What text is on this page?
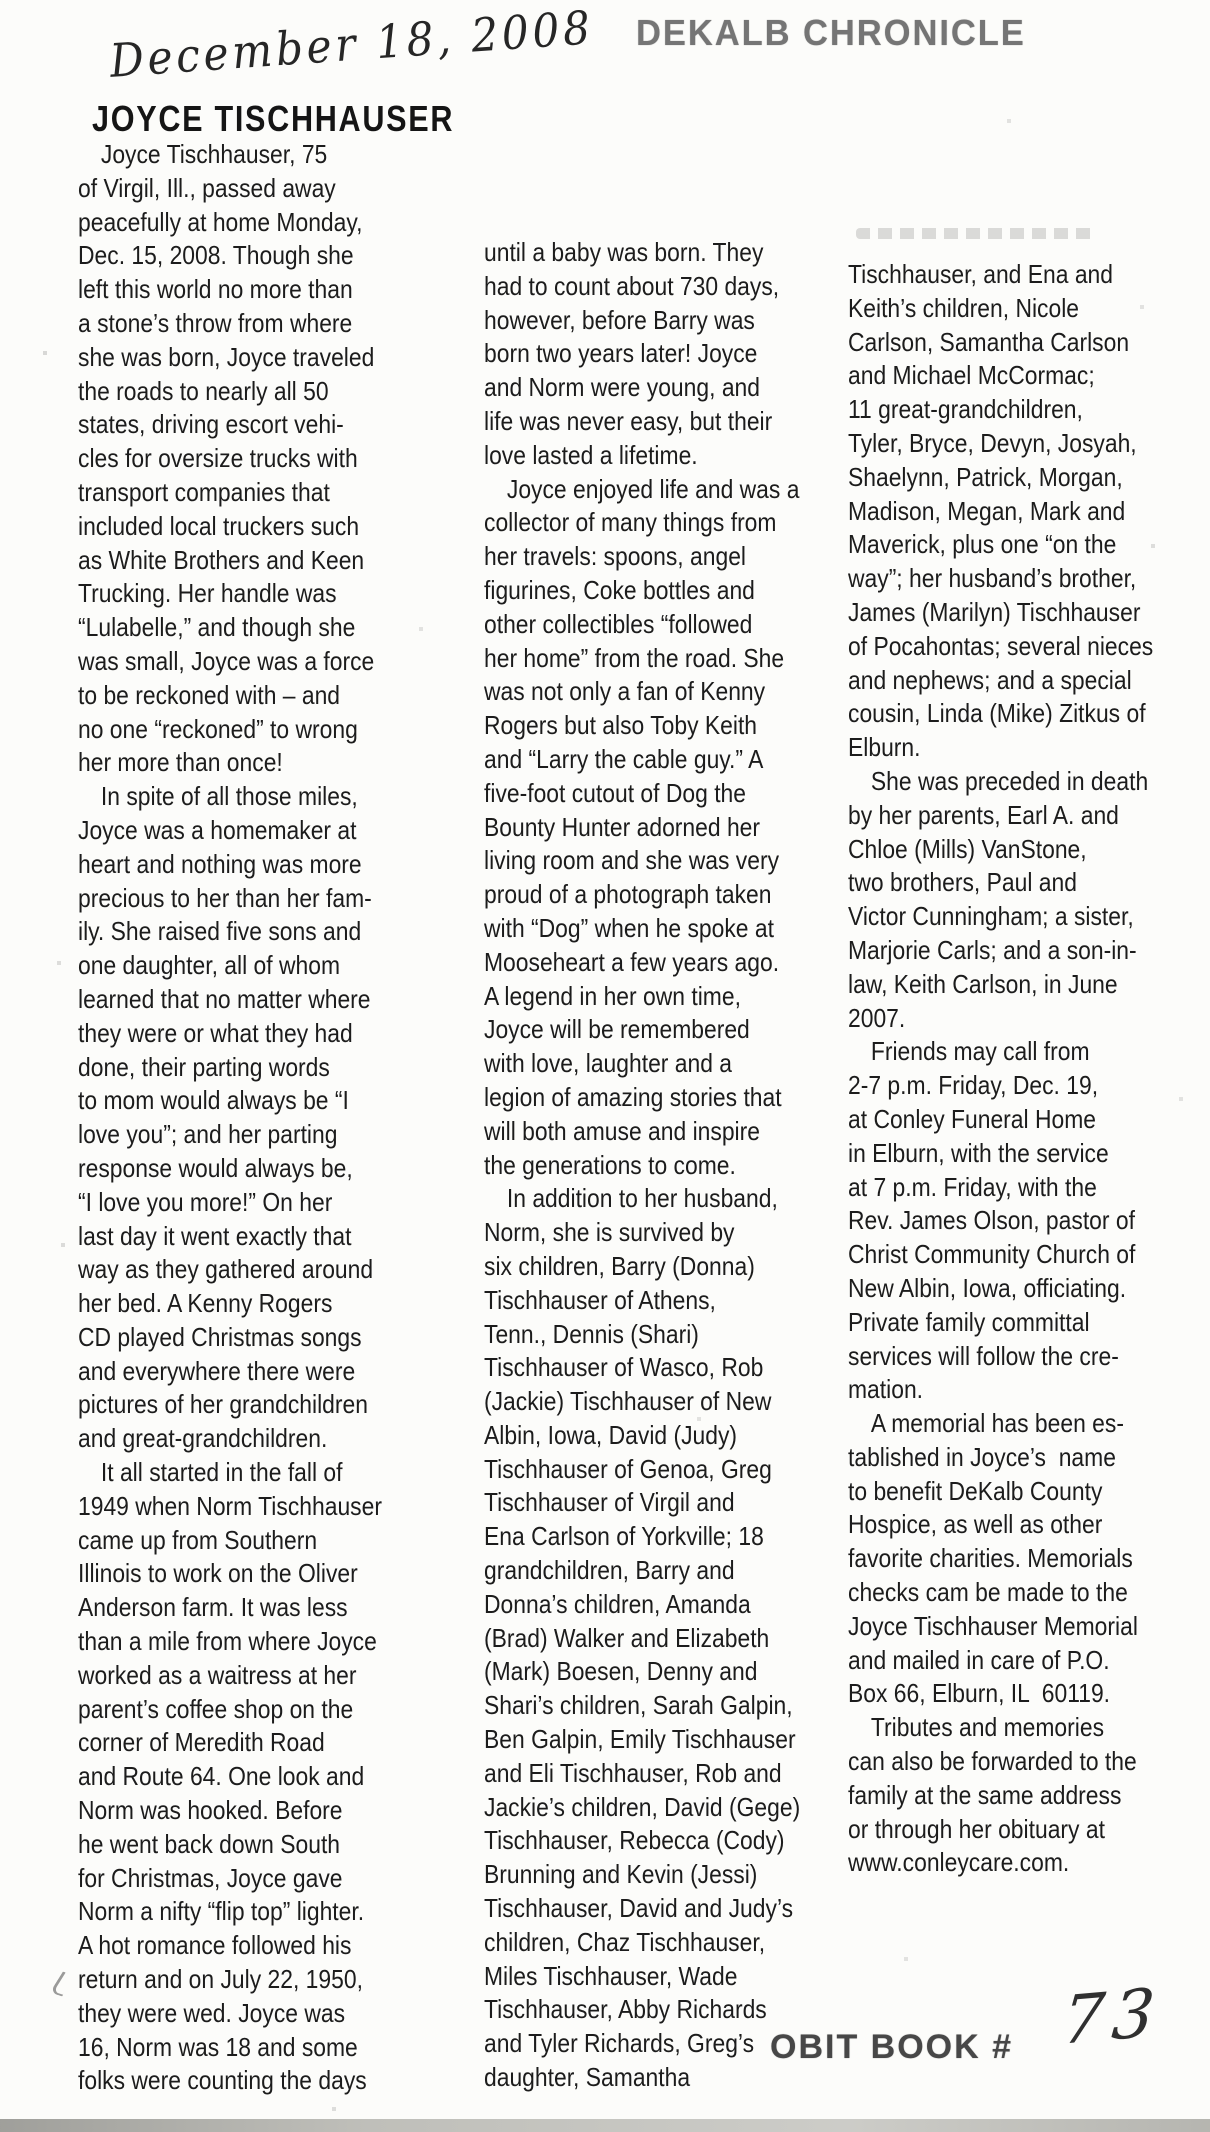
DEKALB CHRONICLE
December 18, 2008
JOYCE TISCHHAUSER
Joyce Tischhauser, 75
of Virgil, Ill., passed away
peacefully at home Monday,
Dec. 15, 2008. Though she
left this world no more than
a stone’s throw from where
she was born, Joyce traveled
the roads to nearly all 50
states, driving escort vehi-
cles for oversize trucks with
transport companies that
included local truckers such
as White Brothers and Keen
Trucking. Her handle was
“Lulabelle,” and though she
was small, Joyce was a force
to be reckoned with – and
no one “reckoned” to wrong
her more than once!
In spite of all those miles,
Joyce was a homemaker at
heart and nothing was more
precious to her than her fam-
ily. She raised five sons and
one daughter, all of whom
learned that no matter where
they were or what they had
done, their parting words
to mom would always be “I
love you”; and her parting
response would always be,
“I love you more!” On her
last day it went exactly that
way as they gathered around
her bed. A Kenny Rogers
CD played Christmas songs
and everywhere there were
pictures of her grandchildren
and great-grandchildren.
It all started in the fall of
1949 when Norm Tischhauser
came up from Southern
Illinois to work on the Oliver
Anderson farm. It was less
than a mile from where Joyce
worked as a waitress at her
parent’s coffee shop on the
corner of Meredith Road
and Route 64. One look and
Norm was hooked. Before
he went back down South
for Christmas, Joyce gave
Norm a nifty “flip top” lighter.
A hot romance followed his
return and on July 22, 1950,
they were wed. Joyce was
16, Norm was 18 and some
folks were counting the days
until a baby was born. They
had to count about 730 days,
however, before Barry was
born two years later! Joyce
and Norm were young, and
life was never easy, but their
love lasted a lifetime.
Joyce enjoyed life and was a
collector of many things from
her travels: spoons, angel
figurines, Coke bottles and
other collectibles “followed
her home” from the road. She
was not only a fan of Kenny
Rogers but also Toby Keith
and “Larry the cable guy.” A
five-foot cutout of Dog the
Bounty Hunter adorned her
living room and she was very
proud of a photograph taken
with “Dog” when he spoke at
Mooseheart a few years ago.
A legend in her own time,
Joyce will be remembered
with love, laughter and a
legion of amazing stories that
will both amuse and inspire
the generations to come.
In addition to her husband,
Norm, she is survived by
six children, Barry (Donna)
Tischhauser of Athens,
Tenn., Dennis (Shari)
Tischhauser of Wasco, Rob
(Jackie) Tischhauser of New
Albin, Iowa, David (Judy)
Tischhauser of Genoa, Greg
Tischhauser of Virgil and
Ena Carlson of Yorkville; 18
grandchildren, Barry and
Donna’s children, Amanda
(Brad) Walker and Elizabeth
(Mark) Boesen, Denny and
Shari’s children, Sarah Galpin,
Ben Galpin, Emily Tischhauser
and Eli Tischhauser, Rob and
Jackie’s children, David (Gege)
Tischhauser, Rebecca (Cody)
Brunning and Kevin (Jessi)
Tischhauser, David and Judy’s
children, Chaz Tischhauser,
Miles Tischhauser, Wade
Tischhauser, Abby Richards
and Tyler Richards, Greg’s
daughter, Samantha
Tischhauser, and Ena and
Keith’s children, Nicole
Carlson, Samantha Carlson
and Michael McCormac;
11 great-grandchildren,
Tyler, Bryce, Devyn, Josyah,
Shaelynn, Patrick, Morgan,
Madison, Megan, Mark and
Maverick, plus one “on the
way”; her husband’s brother,
James (Marilyn) Tischhauser
of Pocahontas; several nieces
and nephews; and a special
cousin, Linda (Mike) Zitkus of
Elburn.
She was preceded in death
by her parents, Earl A. and
Chloe (Mills) VanStone,
two brothers, Paul and
Victor Cunningham; a sister,
Marjorie Carls; and a son-in-
law, Keith Carlson, in June
2007.
Friends may call from
2-7 p.m. Friday, Dec. 19,
at Conley Funeral Home
in Elburn, with the service
at 7 p.m. Friday, with the
Rev. James Olson, pastor of
Christ Community Church of
New Albin, Iowa, officiating.
Private family committal
services will follow the cre-
mation.
A memorial has been es-
tablished in Joyce’s  name
to benefit DeKalb County
Hospice, as well as other
favorite charities. Memorials
checks cam be made to the
Joyce Tischhauser Memorial
and mailed in care of P.O.
Box 66, Elburn, IL  60119.
Tributes and memories
can also be forwarded to the
family at the same address
or through her obituary at
www.conleycare.com.
OBIT BOOK # 73
